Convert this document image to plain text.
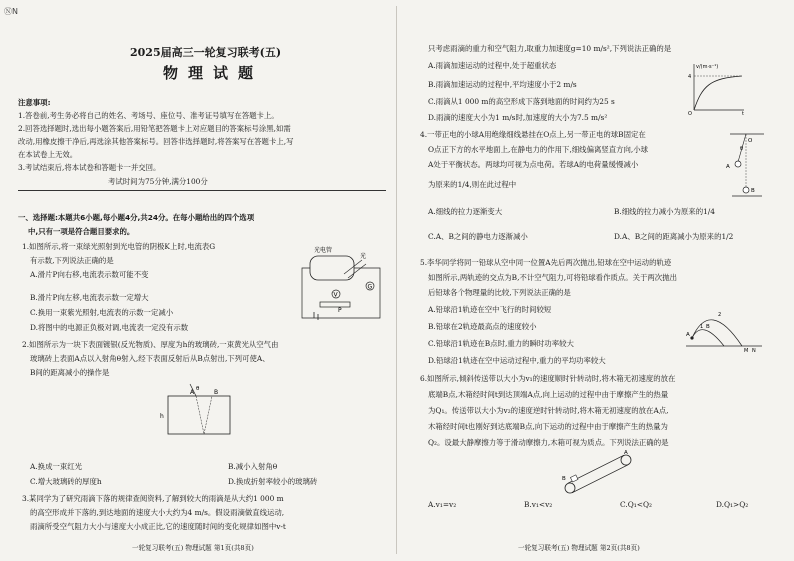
ⓃN
2025届高三一轮复习联考(五)
物理试题
注意事项:
1.答卷前,考生务必将自己的姓名、考场号、座位号、准考证号填写在答题卡上。
2.回答选择题时,选出每小题答案后,用铅笔把答题卡上对应题目的答案标号涂黑,如需
改动,用橡皮擦干净后,再选涂其他答案标号。回答非选择题时,将答案写在答题卡上,写
在本试卷上无效。
3.考试结束后,将本试卷和答题卡一并交回。
考试时间为75分钟,满分100分
一、选择题:本题共6小题,每小题4分,共24分。在每小题给出的四个选项
中,只有一项是符合题目要求的。
1.如图所示,将一束绿光照射到光电管的阴极K上时,电流表G
有示数,下列说法正确的是
A.滑片P向右移,电流表示数可能不变
B.滑片P向左移,电流表示数一定增大
C.换用一束紫光照射,电流表的示数一定减小
D.将图中的电源正负极对调,电流表一定没有示数
光电管
光
G
V
P
2.如图所示为一块下表面镀银(反光物质)、厚度为h的玻璃砖,一束黄光从空气由
玻璃砖上表面A点以入射角θ射入,经下表面反射后从B点射出,下列可使A、
B间的距离减小的操作是
A	B
θ
h
A.换成一束红光	B.减小入射角θ
C.增大玻璃砖的厚度h	D.换成折射率较小的玻璃砖
3.某同学为了研究雨滴下落的规律查阅资料,了解到较大的雨滴是从大约1 000 m
的高空形成并下落的,到达地面的速度大小大约为4 m/s。假设雨滴做直线运动,
雨滴所受空气阻力大小与速度大小成正比,它的速度随时间的变化规律如图中v-t
一轮复习联考(五) 物理试题 第1页(共8页)
只考虑雨滴的重力和空气阻力,取重力加速度g=10 m/s²,下列说法正确的是
A.雨滴加速运动的过程中,处于超重状态
B.雨滴加速运动的过程中,平均速度小于2 m/s
C.雨滴从1 000 m的高空形成下落到地面的时间约为25 s
D.雨滴的速度大小为1 m/s时,加速度的大小为7.5 m/s²
v/(m·s⁻¹)
4
O	t
4.一带正电的小球A用绝缘细线悬挂在O点上,另一带正电的球B固定在
O点正下方的水平地面上,在静电力的作用下,细线偏离竖直方向,小球
A处于平衡状态。两球均可视为点电荷。若球A的电荷量缓慢减小
为原来的1/4,则在此过程中
O
A
θ
B
A.细线的拉力逐渐变大	B.细线的拉力减小为原来的1/4
C.A、B之间的静电力逐渐减小	D.A、B之间的距离减小为原来的1/2
5.李华同学将同一铅球从空中同一位置A先后两次抛出,铅球在空中运动的轨迹
如图所示,两轨迹的交点为B,不计空气阻力,可将铅球看作质点。关于两次抛出
后铅球各个物理量的比较,下列说法正确的是
A.铅球沿1轨迹在空中飞行的时间较短
B.铅球在2轨迹最高点的速度较小
C.铅球沿1轨迹在B点时,重力的瞬时功率较大
D.铅球沿1轨迹在空中运动过程中,重力的平均功率较大
A
B
1
2
M N
6.如图所示,倾斜传送带以大小为v₁的速度顺时针转动时,将木箱无初速度的放在
底端B点,木箱经时间t到达顶端A点,向上运动的过程中由于摩擦产生的热量
为Q₁。传送带以大小为v₂的速度逆时针转动时,将木箱无初速度的放在A点,
木箱经时间t也刚好到达底端B点,向下运动的过程中由于摩擦产生的热量为
Q₂。设最大静摩擦力等于滑动摩擦力,木箱可视为质点。下列说法正确的是
B
A
A.v₁=v₂	B.v₁<v₂	C.Q₁<Q₂	D.Q₁>Q₂
一轮复习联考(五) 物理试题 第2页(共8页)
